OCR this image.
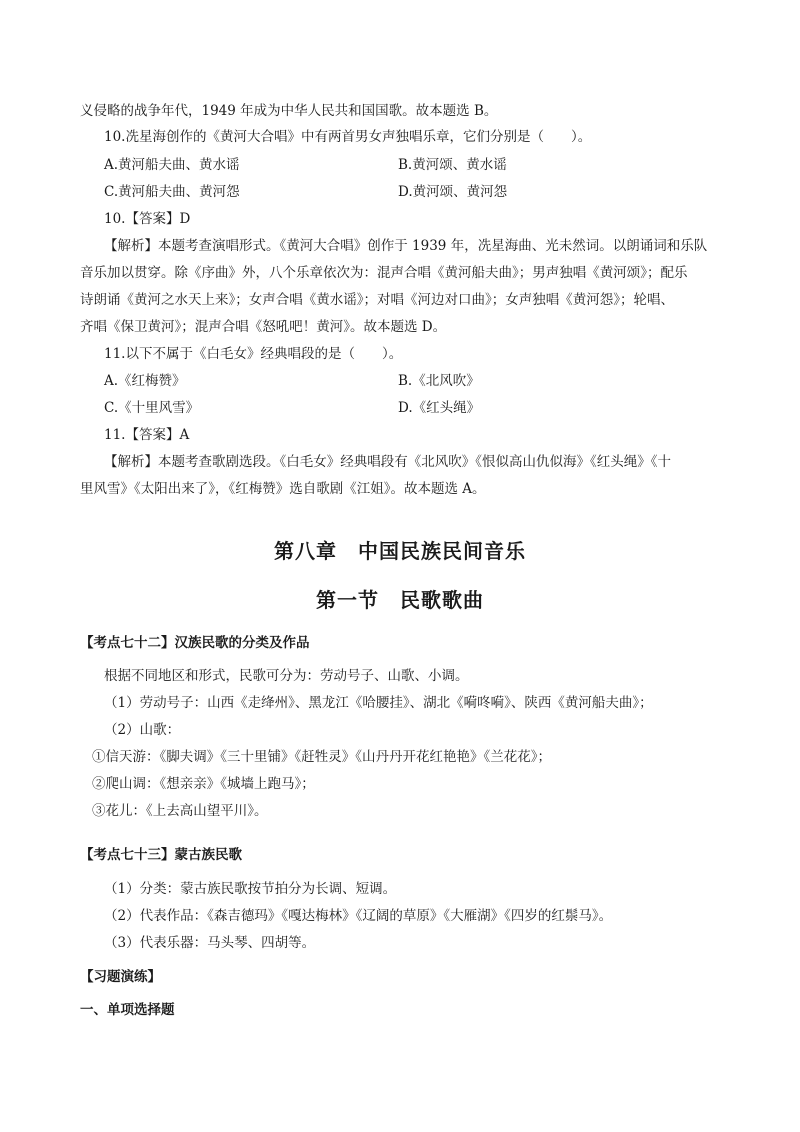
义侵略的战争年代，1949 年成为中华人民共和国国歌。故本题选 B。
10.冼星海创作的《黄河大合唱》中有两首男女声独唱乐章，它们分别是（　　）。
A.黄河船夫曲、黄水谣	B.黄河颂、黄水谣
C.黄河船夫曲、黄河怨	D.黄河颂、黄河怨
10.【答案】D
【解析】本题考查演唱形式。《黄河大合唱》创作于 1939 年，冼星海曲、光未然词。以朗诵词和乐队
音乐加以贯穿。除《序曲》外，八个乐章依次为：混声合唱《黄河船夫曲》；男声独唱《黄河颂》；配乐
诗朗诵《黄河之水天上来》；女声合唱《黄水谣》；对唱《河边对口曲》；女声独唱《黄河怨》；轮唱、
齐唱《保卫黄河》；混声合唱《怒吼吧！黄河》。故本题选 D。
11.以下不属于《白毛女》经典唱段的是（　　）。
A.《红梅赞》	B.《北风吹》
C.《十里风雪》	D.《红头绳》
11.【答案】A
【解析】本题考查歌剧选段。《白毛女》经典唱段有《北风吹》《恨似高山仇似海》《红头绳》《十
里风雪》《太阳出来了》，《红梅赞》选自歌剧《江姐》。故本题选 A。
第八章　中国民族民间音乐
第一节　民歌歌曲
【考点七十二】汉族民歌的分类及作品
根据不同地区和形式，民歌可分为：劳动号子、山歌、小调。
（1）劳动号子：山西《走绛州》、黑龙江《哈腰挂》、湖北《嗬咚嗬》、陕西《黄河船夫曲》；
（2）山歌：
①信天游：《脚夫调》《三十里铺》《赶牲灵》《山丹丹开花红艳艳》《兰花花》；
②爬山调：《想亲亲》《城墙上跑马》；
③花儿：《上去高山望平川》。
【考点七十三】蒙古族民歌
（1）分类：蒙古族民歌按节拍分为长调、短调。
（2）代表作品：《森吉德玛》《嘎达梅林》《辽阔的草原》《大雁湖》《四岁的红鬃马》。
（3）代表乐器：马头琴、四胡等。
【习题演练】
一、单项选择题
